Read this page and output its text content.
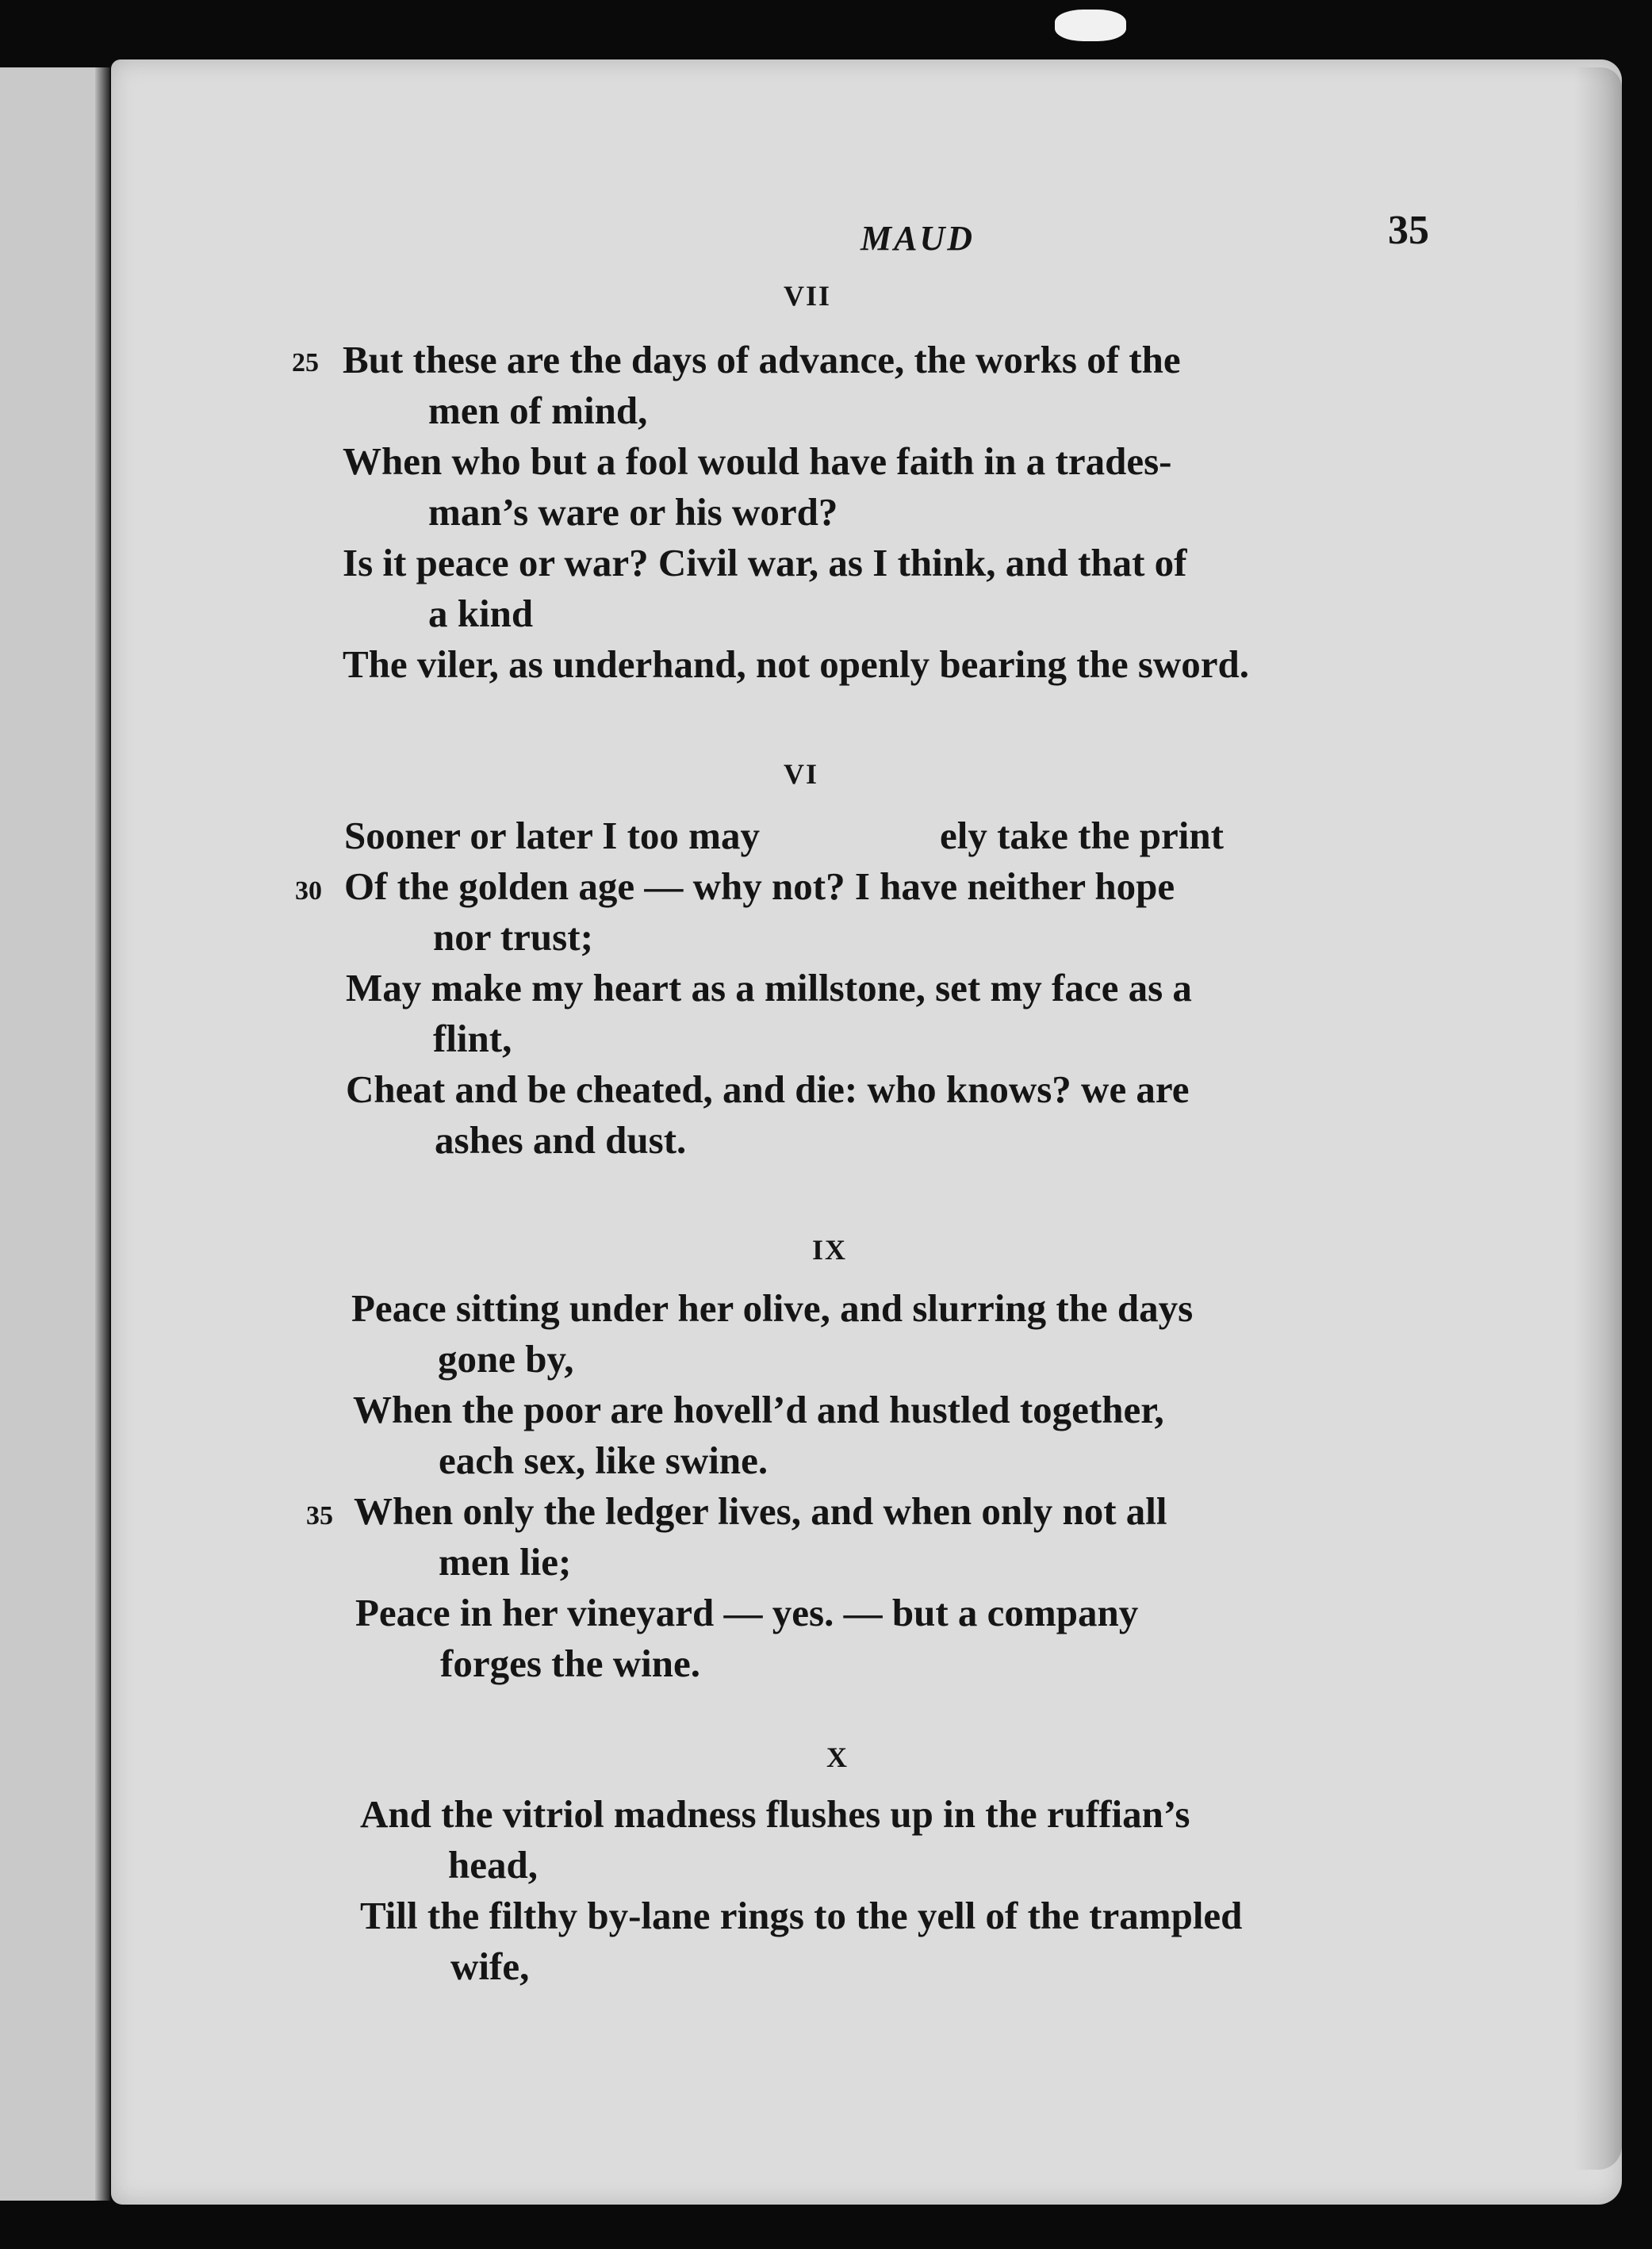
MAUD	35
VII
25 But these are the days of advance, the works of the
men of mind,
When who but a fool would have faith in a trades-
man’s ware or his word?
Is it peace or war? Civil war, as I think, and that of
a kind
The viler, as underhand, not openly bearing the sword.
VI
Sooner or later I too may	ely take the print
30 Of the golden age — why not? I have neither hope
nor trust;
May make my heart as a millstone, set my face as a
flint,
Cheat and be cheated, and die: who knows? we are
ashes and dust.
IX
Peace sitting under her olive, and slurring the days
gone by,
When the poor are hovell’d and hustled together,
each sex, like swine.
35 When only the ledger lives, and when only not all
men lie;
Peace in her vineyard — yes. — but a company
forges the wine.
X
And the vitriol madness flushes up in the ruffian’s
head,
Till the filthy by-lane rings to the yell of the trampled
wife,
